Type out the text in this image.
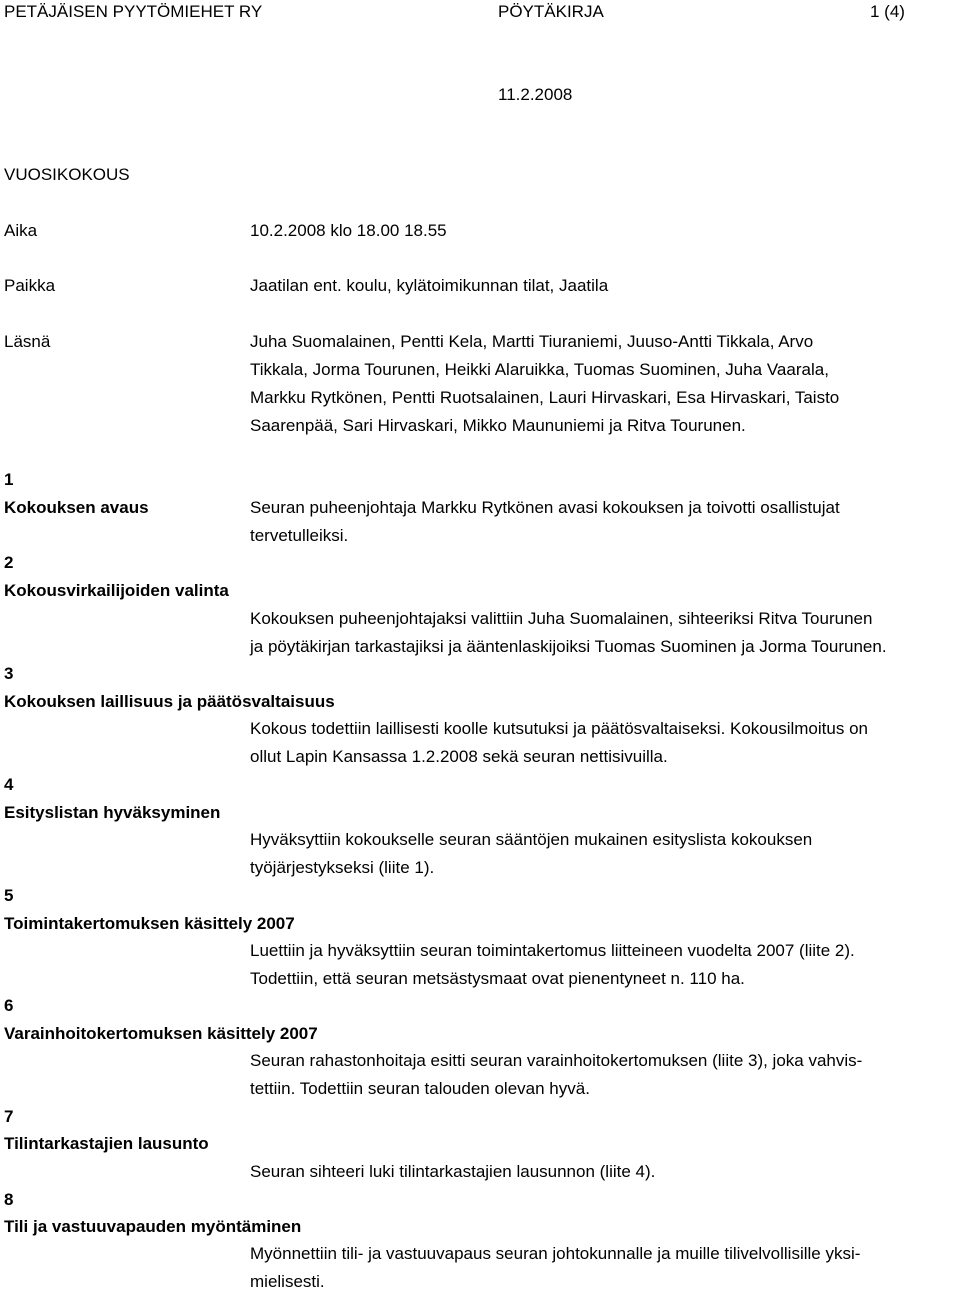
PETÄJÄISEN PYYTÖMIEHET RY	PÖYTÄKIRJA	1 (4)
11.2.2008
VUOSIKOKOUS
Aika	10.2.2008 klo 18.00 18.55
Paikka	Jaatilan ent. koulu, kylätoimikunnan tilat, Jaatila
Läsnä	Juha Suomalainen, Pentti Kela, Martti Tiuraniemi, Juuso-Antti Tikkala, Arvo
Tikkala, Jorma Tourunen, Heikki Alaruikka, Tuomas Suominen, Juha Vaarala,
Markku Rytkönen, Pentti Ruotsalainen, Lauri Hirvaskari, Esa Hirvaskari, Taisto
Saarenpää, Sari Hirvaskari, Mikko Maununiemi ja Ritva Tourunen.
1
Kokouksen avaus	Seuran puheenjohtaja Markku Rytkönen avasi kokouksen ja toivotti osallistujat
tervetulleiksi.
2
Kokousvirkailijoiden valinta
Kokouksen puheenjohtajaksi valittiin Juha Suomalainen, sihteeriksi Ritva Tourunen
ja pöytäkirjan tarkastajiksi ja ääntenlaskijoiksi Tuomas Suominen ja Jorma Tourunen.
3
Kokouksen laillisuus ja päätösvaltaisuus
Kokous todettiin laillisesti koolle kutsutuksi ja päätösvaltaiseksi. Kokousilmoitus on
ollut Lapin Kansassa 1.2.2008 sekä seuran nettisivuilla.
4
Esityslistan hyväksyminen
Hyväksyttiin kokoukselle seuran sääntöjen mukainen esityslista kokouksen
työjärjestykseksi (liite 1).
5
Toimintakertomuksen käsittely 2007
Luettiin ja hyväksyttiin seuran toimintakertomus liitteineen vuodelta 2007 (liite 2).
Todettiin, että seuran metsästysmaat ovat pienentyneet n. 110 ha.
6
Varainhoitokertomuksen käsittely 2007
Seuran rahastonhoitaja esitti seuran varainhoitokertomuksen (liite 3), joka vahvis-
tettiin. Todettiin seuran talouden olevan hyvä.
7
Tilintarkastajien lausunto
Seuran sihteeri luki tilintarkastajien lausunnon (liite 4).
8
Tili ja vastuuvapauden myöntäminen
Myönnettiin tili- ja vastuuvapaus seuran johtokunnalle ja muille tilivelvollisille yksi-
mielisesti.
